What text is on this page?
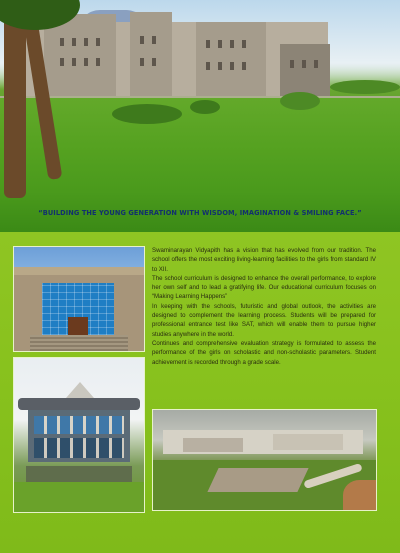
“BUILDING THE YOUNG GENERATION WITH WISDOM, IMAGINATION & SMILING FACE.”

Swaminarayan Vidyapith has a vision that has evolved from our tradition. The school offers the most exciting living-learning facilities to the girls from standard IV to XII.

The school curriculum is designed to enhance the overall performance, to explore her own self and to lead a gratifying life. Our educational curriculum focuses on “Making Learning Happens”

In keeping with the schools, futuristic and global outlook, the activities are designed to complement the learning process. Students will be prepared for professional entrance test like SAT, which will enable them to pursue higher studies anywhere in the world.

Continues and comprehensive evaluation strategy is formulated to assess the performance of the girls on scholastic and non-scholastic parameters. Student achievement is recorded through a grade scale.
